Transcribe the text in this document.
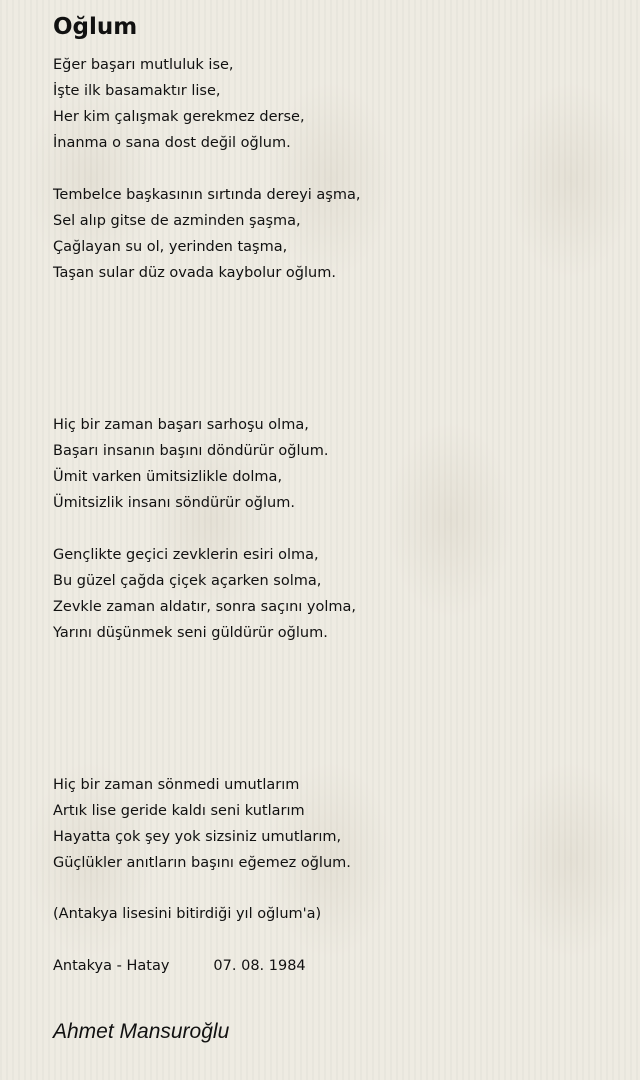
Oğlum
Eğer başarı mutluluk ise,
İşte ilk basamaktır lise,
Her kim çalışmak gerekmez derse,
İnanma o sana dost değil oğlum.
Tembelce başkasının sırtında dereyi aşma,
Sel alıp gitse de azminden şaşma,
Çağlayan su ol, yerinden taşma,
Taşan sular düz ovada kaybolur oğlum.
Hiç bir zaman başarı sarhoşu olma,
Başarı insanın başını döndürür oğlum.
Ümit varken ümitsizlikle dolma,
Ümitsizlik insanı söndürür oğlum.
Gençlikte geçici zevklerin esiri olma,
Bu güzel çağda çiçek açarken solma,
Zevkle zaman aldatır, sonra saçını yolma,
Yarını düşünmek seni güldürür oğlum.
Hiç bir zaman sönmedi umutlarım
Artık lise geride kaldı seni kutlarım
Hayatta çok şey yok sizsiniz umutlarım,
Güçlükler anıtların başını eğemez oğlum.
(Antakya lisesini bitirdiği yıl oğlum'a)
Antakya - Hatay	07. 08. 1984
Ahmet Mansuroğlu
